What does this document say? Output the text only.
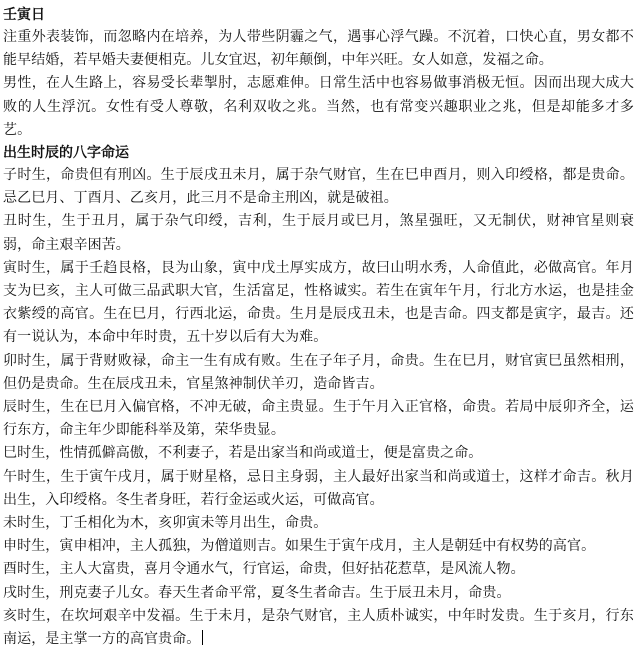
壬寅日

注重外表装饰，而忽略内在培养，为人带些阴霾之气，遇事心浮气躁。不沉着，口快心直，男女都不能早结婚，若早婚夫妻便相克。儿女宜迟，初年颠倒，中年兴旺。女人如意，发福之命。

男性，在人生路上，容易受长辈掣肘，志愿难伸。日常生活中也容易做事消极无恒。因而出现大成大败的人生浮沉。女性有受人尊敬，名利双收之兆。当然，也有常变兴趣职业之兆，但是却能多才多艺。

出生时辰的八字命运

子时生，命贵但有刑凶。生于辰戌丑未月，属于杂气财官，生在巳申酉月，则入印绶格，都是贵命。忌乙巳月、丁酉月、乙亥月，此三月不是命主刑凶，就是破祖。

丑时生，生于丑月，属于杂气印绶，吉利，生于辰月或巳月，煞星强旺，又无制伏，财神官星则衰弱，命主艰辛困苦。

寅时生，属于壬趋艮格，艮为山象，寅中戊土厚实成方，故曰山明水秀，人命值此，必做高官。年月支为巳亥，主人可做三品武职大官，生活富足，性格诚实。若生在寅年午月，行北方水运，也是挂金衣紫绶的高官。生在巳月，行西北运，命贵。生月是辰戌丑未，也是吉命。四支都是寅字，最吉。还有一说认为，本命中年时贵，五十岁以后有大为难。

卯时生，属于背财败禄，命主一生有成有败。生在子年子月，命贵。生在巳月，财官寅巳虽然相刑，但仍是贵命。生在辰戌丑未，官星煞神制伏羊刃，造命皆吉。

辰时生，生在巳月入偏官格，不冲无破，命主贵显。生于午月入正官格，命贵。若局中辰卯齐全，运行东方，命主年少即能科举及第，荣华贵显。

巳时生，性情孤僻高傲，不利妻子，若是出家当和尚或道士，便是富贵之命。

午时生，生于寅午戌月，属于财星格，忌日主身弱，主人最好出家当和尚或道士，这样才命吉。秋月出生，入印绶格。冬生者身旺，若行金运或火运，可做高官。

未时生，丁壬相化为木，亥卯寅未等月出生，命贵。

申时生，寅申相冲，主人孤独，为僧道则吉。如果生于寅午戌月，主人是朝廷中有权势的高官。

酉时生，主人大富贵，喜月令通水气，行官运，命贵，但好拈花惹草，是风流人物。

戌时生，刑克妻子儿女。春天生者命平常，夏冬生者命吉。生于辰丑未月，命贵。

亥时生，在坎坷艰辛中发福。生于未月，是杂气财官，主人质朴诚实，中年时发贵。生于亥月，行东南运，是主掌一方的高官贵命。
